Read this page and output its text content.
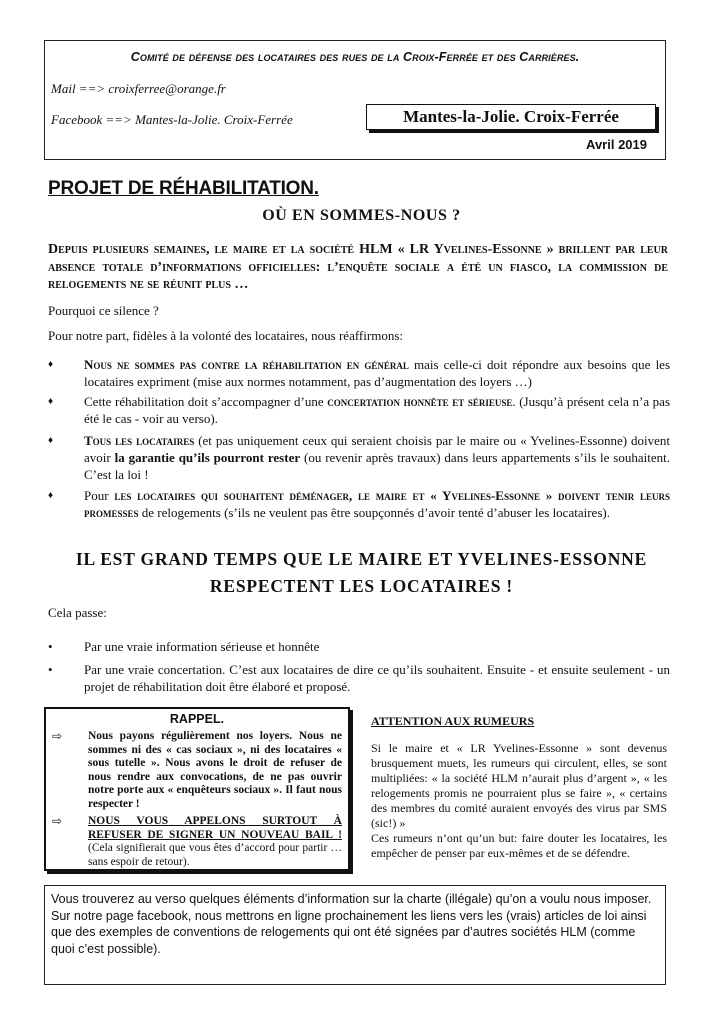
Comité de défense des locataires des rues de la Croix-Ferrée et des Carrières.
Mail ==> croixferree@orange.fr
Facebook ==> Mantes-la-Jolie. Croix-Ferrée	Mantes-la-Jolie. Croix-Ferrée
Avril 2019
PROJET DE RÉHABILITATION.
OÙ EN SOMMES-NOUS ?
Depuis plusieurs semaines, le maire et la société HLM « LR Yvelines-Essonne » brillent par leur absence totale d’informations officielles: l’enquête sociale a été un fiasco, la commission de relogements ne se réunit plus …
Pourquoi ce silence ?
Pour notre part, fidèles à la volonté des locataires, nous réaffirmons:
♦	Nous ne sommes pas contre la réhabilitation en général mais celle-ci doit répondre aux besoins que les locataires expriment (mise aux normes notamment, pas d’augmentation des loyers …)
♦	Cette réhabilitation doit s’accompagner d’une concertation honnête et sérieuse. (Jusqu’à présent cela n’a pas été le cas - voir au verso).
♦	Tous les locataires (et pas uniquement ceux qui seraient choisis par le maire ou « Yvelines-Essonne) doivent avoir la garantie qu’ils pourront rester (ou revenir après travaux) dans leurs appartements s’ils le souhaitent. C’est la loi !
♦	Pour les locataires qui souhaitent déménager, le maire et « Yvelines-Essonne » doivent tenir leurs promesses de relogements (s’ils ne veulent pas être soupçonnés d’avoir tenté d’abuser les locataires).
IL EST GRAND TEMPS QUE LE MAIRE ET YVELINES-ESSONNE
RESPECTENT LES LOCATAIRES !
Cela passe:
•	Par une vraie information sérieuse et honnête
•	Par une vraie concertation. C’est aux locataires de dire ce qu’ils souhaitent. Ensuite - et ensuite seulement - un projet de réhabilitation doit être élaboré et proposé.
RAPPEL.
⇨ Nous payons régulièrement nos loyers. Nous ne sommes ni des « cas sociaux », ni des locataires « sous tutelle ». Nous avons le droit de refuser de nous rendre aux convocations, de ne pas ouvrir notre porte aux « enquêteurs sociaux ». Il faut nous respecter !
⇨ NOUS VOUS APPELONS SURTOUT À REFUSER DE SIGNER UN NOUVEAU BAIL ! (Cela signifierait que vous êtes d’accord pour partir … sans espoir de retour).
ATTENTION AUX RUMEURS
Si le maire et « LR Yvelines-Essonne » sont devenus brusquement muets, les rumeurs qui circulent, elles, se sont multipliées: « la société HLM n’aurait plus d’argent », « les relogements promis ne pourraient plus se faire », « certains des membres du comité auraient envoyés des virus par SMS (sic!) »
Ces rumeurs n’ont qu’un but: faire douter les locataires, les empêcher de penser par eux-mêmes et de se défendre.

Vous trouverez au verso quelques éléments d’information sur la charte (illégale) qu’on a voulu nous imposer.

Sur notre page facebook, nous mettrons en ligne prochainement les liens vers les (vrais) articles de loi ainsi que des exemples de conventions de relogements qui ont été signées par d’autres sociétés HLM (comme quoi c’est possible).
